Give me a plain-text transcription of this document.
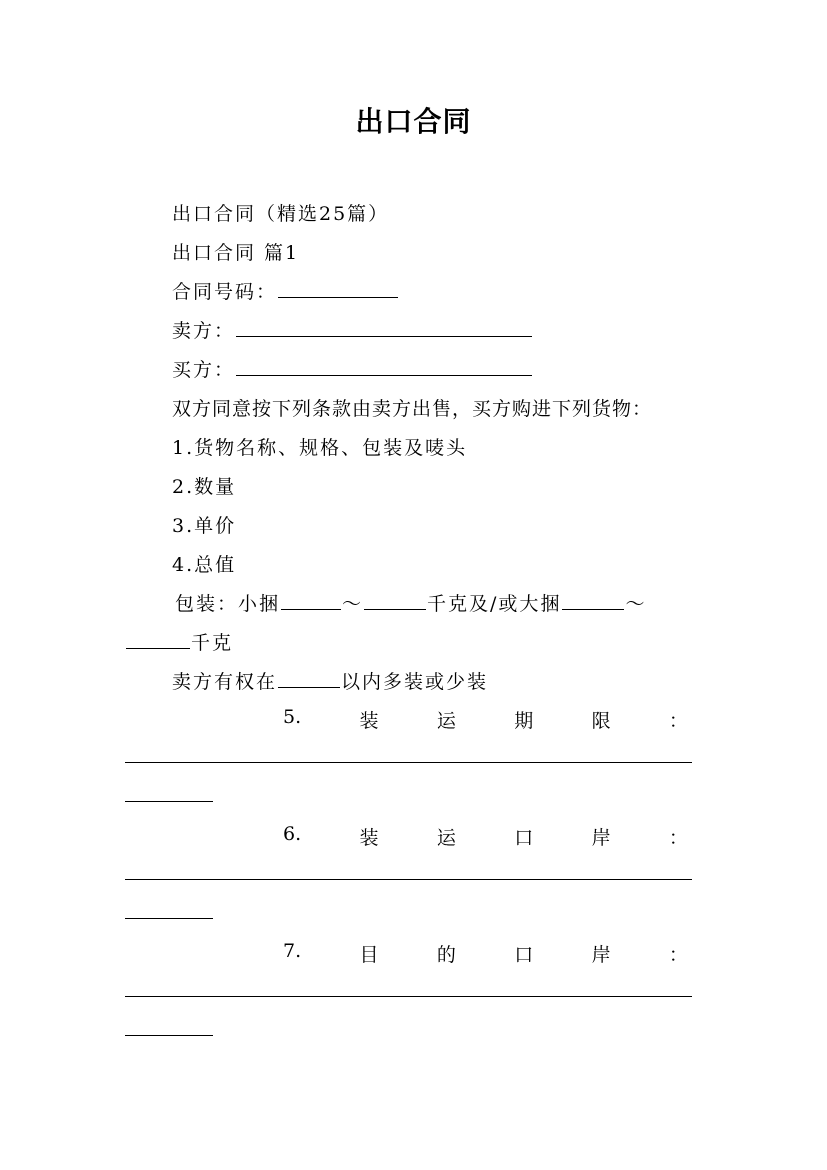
出口合同
出口合同（精选25篇）
出口合同 篇1
合同号码：
卖方：
买方：
双方同意按下列条款由卖方出售，买方购进下列货物：
1.货物名称、规格、包装及唛头
2.数量
3.单价
4.总值
包装：小捆	～	千克及/或大捆	～
千克
卖方有权在	以内多装或少装
5.	装	运	期	限	：
6.	装	运	口	岸	：
7.	目	的	口	岸	：
